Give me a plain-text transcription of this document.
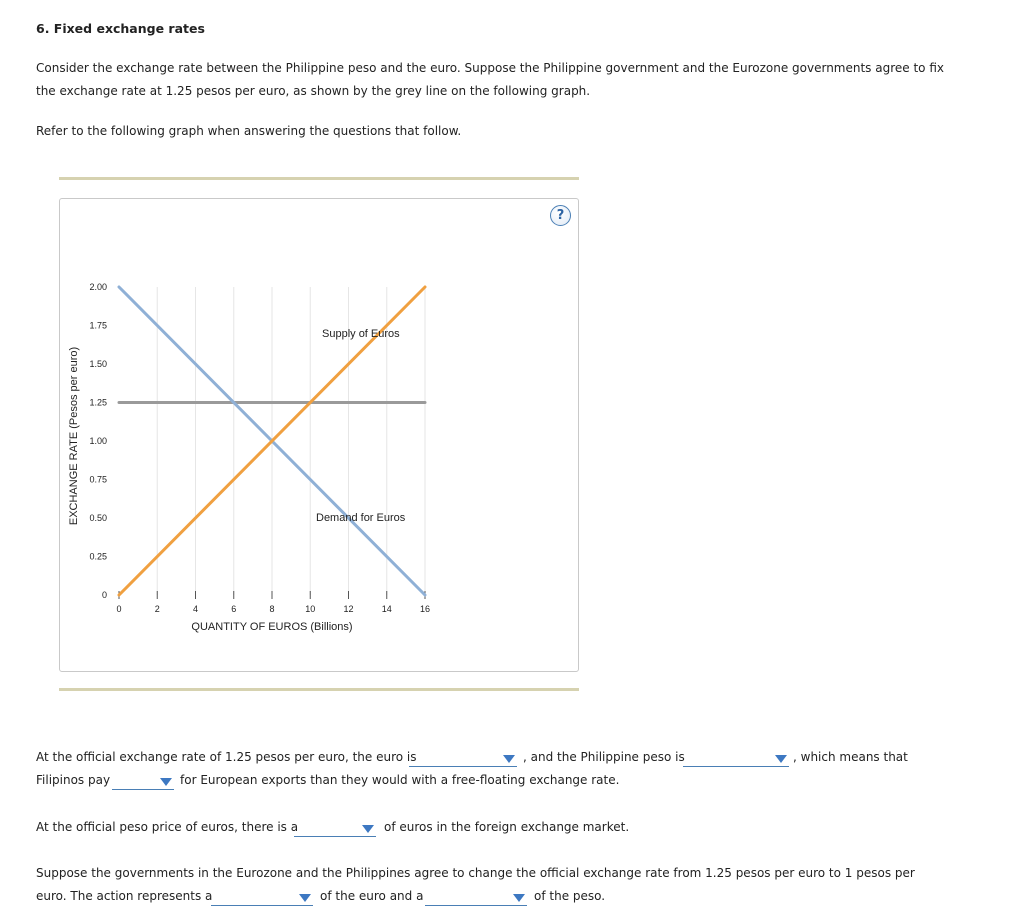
6. Fixed exchange rates
Consider the exchange rate between the Philippine peso and the euro. Suppose the Philippine government and the Eurozone governments agree to fix
the exchange rate at 1.25 pesos per euro, as shown by the grey line on the following graph.
Refer to the following graph when answering the questions that follow.
?
0	2	4	6	8	10	12	14	16
0
0.25
0.50
0.75
1.00
1.25
1.50
1.75
2.00
Supply of Euros
Demand for Euros
QUANTITY OF EUROS (Billions)
EXCHANGE RATE (Pesos per euro)
At the official exchange rate of 1.25 pesos per euro, the euro is	, and the Philippine peso is	, which means that
Filipinos pay	for European exports than they would with a free-floating exchange rate.
At the official peso price of euros, there is a	of euros in the foreign exchange market.
Suppose the governments in the Eurozone and the Philippines agree to change the official exchange rate from 1.25 pesos per euro to 1 pesos per
euro. The action represents a	of the euro and a	of the peso.
